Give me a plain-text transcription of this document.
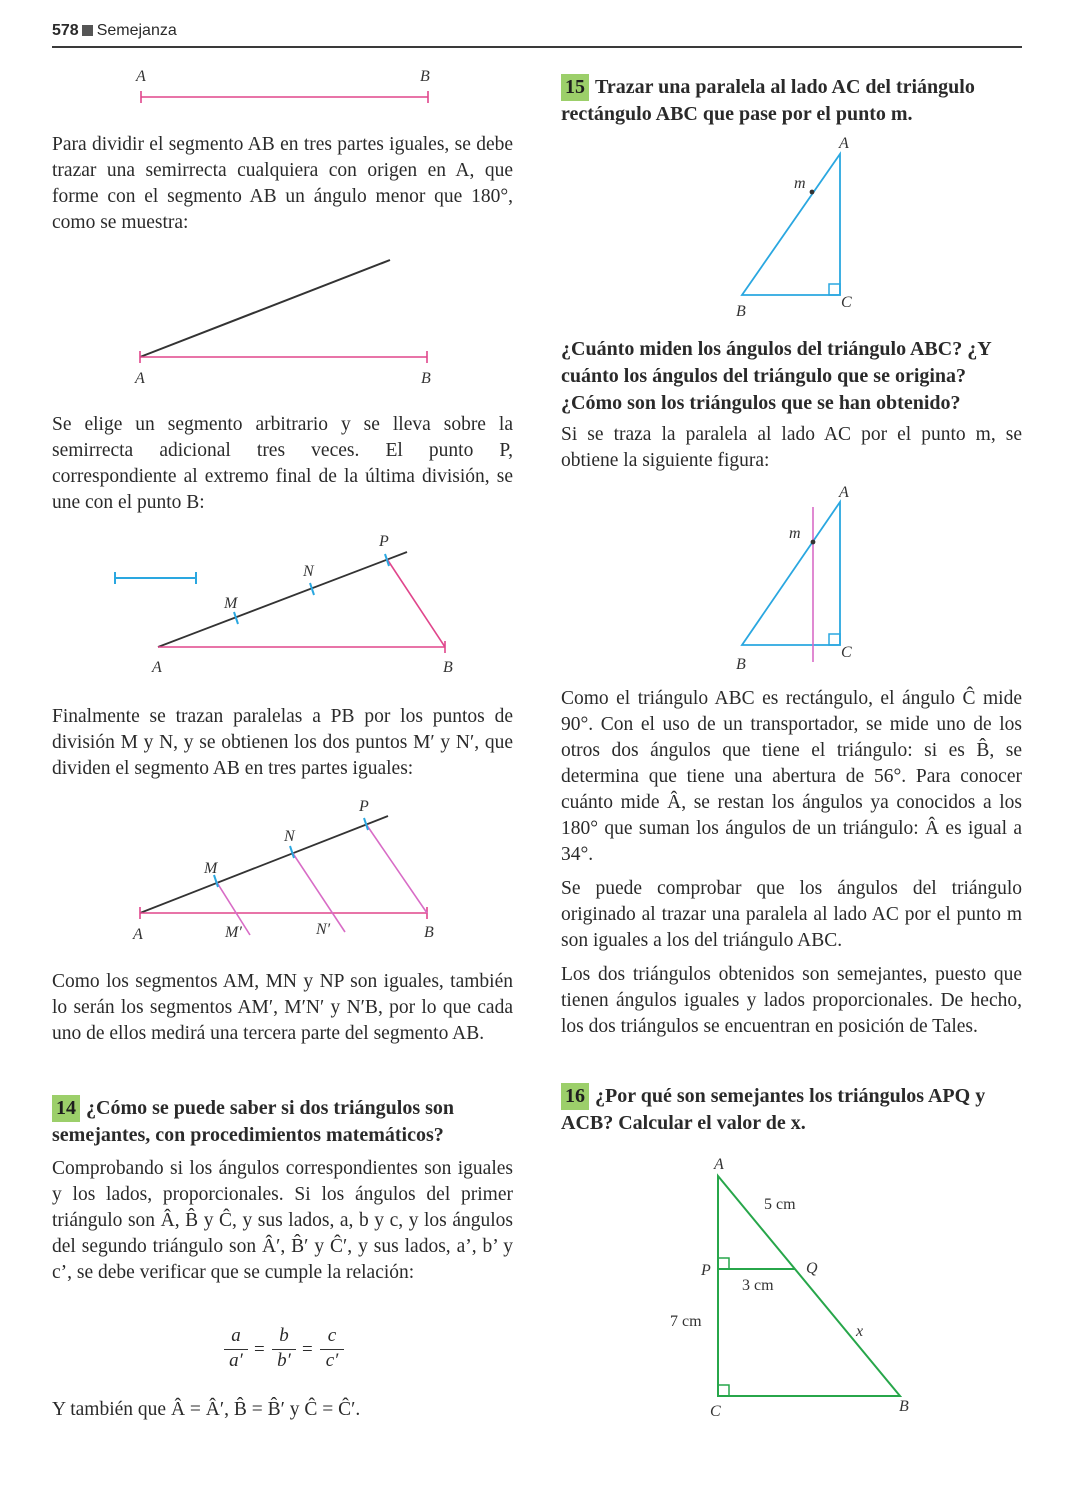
578 Semejanza
A	B

Para dividir el segmento AB en tres partes iguales, se debe trazar una semirrecta cualquiera con origen en A, que forme con el segmento AB un ángulo menor que 180°, como se muestra:

A	B

Se elige un segmento arbitrario y se lleva sobre la semirrecta adicional tres veces. El punto P, correspondiente al extremo final de la última división, se une con el punto B:

M
N
P
A	B

Finalmente se trazan paralelas a PB por los puntos de división M y N, y se obtienen los dos puntos M′ y N′, que dividen el segmento AB en tres partes iguales:

M
N
P
A	M′	N′	B

Como los segmentos AM, MN y NP son iguales, también lo serán los segmentos AM′, M′N′ y N′B, por lo que cada uno de ellos medirá una tercera parte del segmento AB.

14 ¿Cómo se puede saber si dos triángulos son semejantes, con procedimientos matemáticos?

Comprobando si los ángulos correspondientes son iguales y los lados, proporcionales. Si los ángulos del primer triángulo son Â, B̂ y Ĉ, y sus lados, a, b y c, y los ángulos del segundo triángulo son Â′, B̂′ y Ĉ′, y sus lados, a’, b’ y c’, se debe verificar que se cumple la relación:

a
a′
=
b
b′
=
c
c′

Y también que Â = Â′, B̂ = B̂′ y Ĉ = Ĉ′.

15 Trazar una paralela al lado AC del triángulo rectángulo ABC que pase por el punto m.

A
m
B
C

¿Cuánto miden los ángulos del triángulo ABC? ¿Y cuánto los ángulos del triángulo que se origina? ¿Cómo son los triángulos que se han obtenido?

Si se traza la paralela al lado AC por el punto m, se obtiene la siguiente figura:

A
m
B
C

Como el triángulo ABC es rectángulo, el ángulo Ĉ mide 90°. Con el uso de un transportador, se mide uno de los otros dos ángulos que tiene el triángulo: si es B̂, se determina que tiene una abertura de 56°. Para conocer cuánto mide Â, se restan los ángulos ya conocidos a los 180° que suman los ángulos de un triángulo: Â es igual a 34°.

Se puede comprobar que los ángulos del triángulo originado al trazar una paralela al lado AC por el punto m son iguales a los del triángulo ABC.

Los dos triángulos obtenidos son semejantes, puesto que tienen ángulos iguales y lados proporcionales. De hecho, los dos triángulos se encuentran en posición de Tales.

16 ¿Por qué son semejantes los triángulos APQ y ACB? Calcular el valor de x.

A
5 cm
P	Q
3 cm
7 cm
x
C	B
